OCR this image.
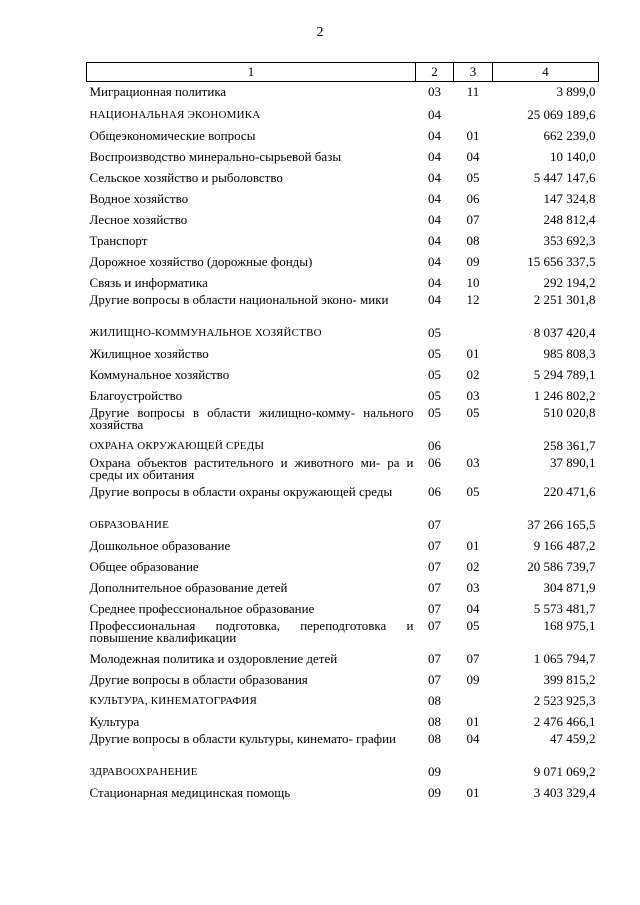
2
1	2	3	4
Миграционная политика	03	11	3 899,0
НАЦИОНАЛЬНАЯ ЭКОНОМИКА	04		25 069 189,6
Общеэкономические вопросы	04	01	662 239,0
Воспроизводство минерально-сырьевой базы	04	04	10 140,0
Сельское хозяйство и рыболовство	04	05	5 447 147,6
Водное хозяйство	04	06	147 324,8
Лесное хозяйство	04	07	248 812,4
Транспорт	04	08	353 692,3
Дорожное хозяйство (дорожные фонды)	04	09	15 656 337,5
Связь и информатика	04	10	292 194,2
Другие вопросы в области национальной эконо- мики	04	12	2 251 301,8
ЖИЛИЩНО-КОММУНАЛЬНОЕ ХОЗЯЙСТВО	05		8 037 420,4
Жилищное хозяйство	05	01	985 808,3
Коммунальное хозяйство	05	02	5 294 789,1
Благоустройство	05	03	1 246 802,2
Другие вопросы в области жилищно-комму- нального хозяйства	05	05	510 020,8
ОХРАНА ОКРУЖАЮЩЕЙ СРЕДЫ	06		258 361,7
Охрана объектов растительного и животного ми- ра и среды их обитания	06	03	37 890,1
Другие вопросы в области охраны окружающей среды	06	05	220 471,6
ОБРАЗОВАНИЕ	07		37 266 165,5
Дошкольное образование	07	01	9 166 487,2
Общее образование	07	02	20 586 739,7
Дополнительное образование детей	07	03	304 871,9
Среднее профессиональное образование	07	04	5 573 481,7
Профессиональная подготовка, переподготовка и повышение квалификации	07	05	168 975,1
Молодежная политика и оздоровление детей	07	07	1 065 794,7
Другие вопросы в области образования	07	09	399 815,2
КУЛЬТУРА, КИНЕМАТОГРАФИЯ	08		2 523 925,3
Культура	08	01	2 476 466,1
Другие вопросы в области культуры, кинемато- графии	08	04	47 459,2
ЗДРАВООХРАНЕНИЕ	09		9 071 069,2
Стационарная медицинская помощь	09	01	3 403 329,4
